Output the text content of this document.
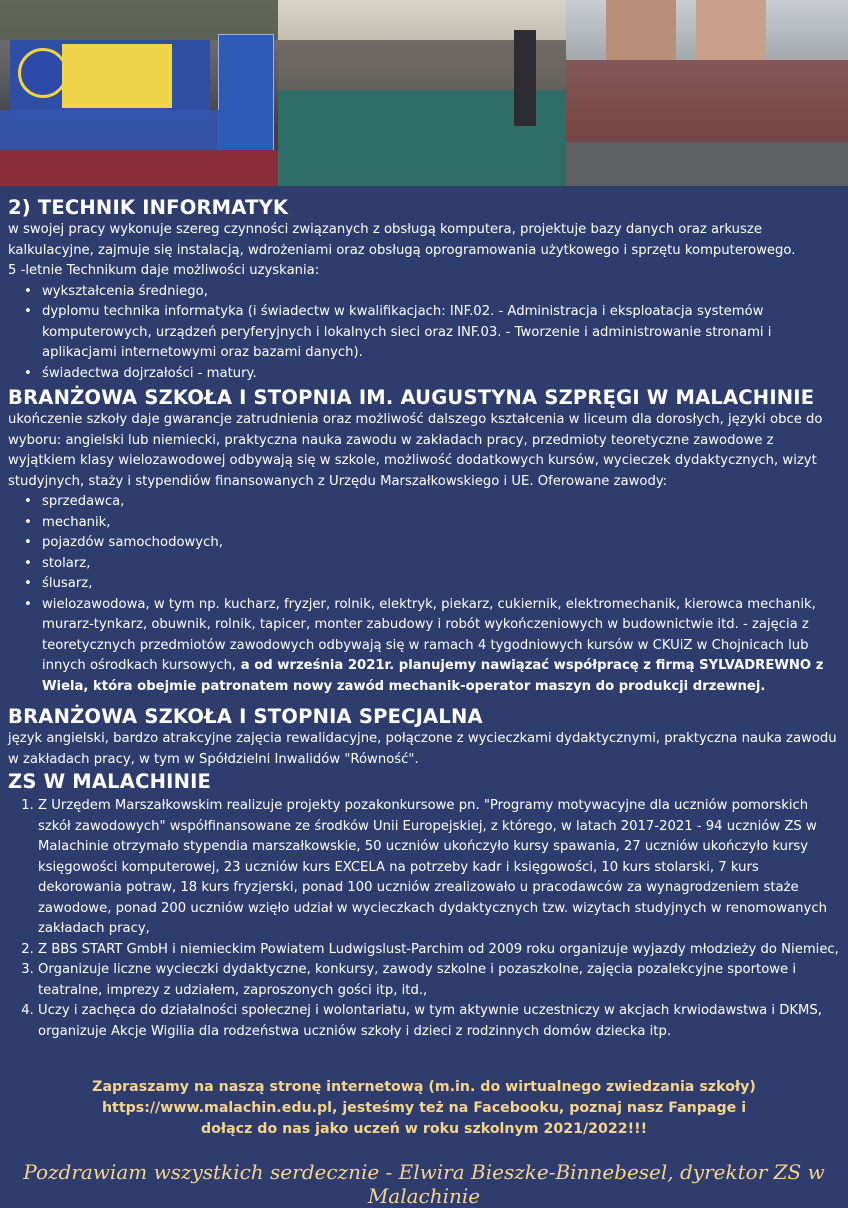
2) TECHNIK INFORMATYK

w swojej pracy wykonuje szereg czynności związanych z obsługą komputera, projektuje bazy danych oraz arkusze kalkulacyjne, zajmuje się instalacją, wdrożeniami oraz obsługą oprogramowania użytkowego i sprzętu komputerowego.

5 -letnie Technikum daje możliwości uzyskania:

• wykształcenia średniego,
• dyplomu technika informatyka (i świadectw w kwalifikacjach: INF.02. - Administracja i eksploatacja systemów komputerowych, urządzeń peryferyjnych i lokalnych sieci oraz INF.03. - Tworzenie i administrowanie stronami i aplikacjami internetowymi oraz bazami danych).
• świadectwa dojrzałości - matury.
BRANŻOWA SZKOŁA I STOPNIA IM. AUGUSTYNA SZPRĘGI W MALACHINIE

ukończenie szkoły daje gwarancje zatrudnienia oraz możliwość dalszego kształcenia w liceum dla dorosłych, języki obce do wyboru: angielski lub niemiecki, praktyczna nauka zawodu w zakładach pracy, przedmioty teoretyczne zawodowe z wyjątkiem klasy wielozawodowej odbywają się w szkole, możliwość dodatkowych kursów, wycieczek dydaktycznych, wizyt studyjnych, staży i stypendiów finansowanych z Urzędu Marszałkowskiego i UE. Oferowane zawody:

• sprzedawca,
• mechanik,
• pojazdów samochodowych,
• stolarz,
• ślusarz,
• wielozawodowa, w tym np. kucharz, fryzjer, rolnik, elektryk, piekarz, cukiernik, elektromechanik, kierowca mechanik, murarz-tynkarz, obuwnik, rolnik, tapicer, monter zabudowy i robót wykończeniowych w budownictwie itd. - zajęcia z teoretycznych przedmiotów zawodowych odbywają się w ramach 4 tygodniowych kursów w CKUiZ w Chojnicach lub innych ośrodkach kursowych, a od września 2021r. planujemy nawiązać współpracę z firmą SYLVADREWNO z Wiela, która obejmie patronatem nowy zawód mechanik-operator maszyn do produkcji drzewnej.
BRANŻOWA SZKOŁA I STOPNIA SPECJALNA

język angielski, bardzo atrakcyjne zajęcia rewalidacyjne, połączone z wycieczkami dydaktycznymi, praktyczna nauka zawodu w zakładach pracy, w tym w Spółdzielni Inwalidów "Równość".

ZS W MALACHINIE
1. Z Urzędem Marszałkowskim realizuje projekty pozakonkursowe pn. "Programy motywacyjne dla uczniów pomorskich szkół zawodowych" współfinansowane ze środków Unii Europejskiej, z którego, w latach 2017-2021 - 94 uczniów ZS w Malachinie otrzymało stypendia marszałkowskie, 50 uczniów ukończyło kursy spawania, 27 uczniów ukończyło kursy księgowości komputerowej, 23 uczniów kurs EXCELA na potrzeby kadr i księgowości, 10 kurs stolarski, 7 kurs dekorowania potraw, 18 kurs fryzjerski, ponad 100 uczniów zrealizowało u pracodawców za wynagrodzeniem staże zawodowe, ponad 200 uczniów wzięło udział w wycieczkach dydaktycznych tzw. wizytach studyjnych w renomowanych zakładach pracy,
2. Z BBS START GmbH i niemieckim Powiatem Ludwigslust-Parchim od 2009 roku organizuje wyjazdy młodzieży do Niemiec,
3. Organizuje liczne wycieczki dydaktyczne, konkursy, zawody szkolne i pozaszkolne, zajęcia pozalekcyjne sportowe i teatralne, imprezy z udziałem, zaproszonych gości itp, itd.,
4. Uczy i zachęca do działalności społecznej i wolontariatu, w tym aktywnie uczestniczy w akcjach krwiodawstwa i DKMS, organizuje Akcje Wigilia dla rodzeństwa uczniów szkoły i dzieci z rodzinnych domów dziecka itp.
Zapraszamy na naszą stronę internetową (m.in. do wirtualnego zwiedzania szkoły)
https://www.malachin.edu.pl, jesteśmy też na Facebooku, poznaj nasz Fanpage i
dołącz do nas jako uczeń w roku szkolnym 2021/2022!!!
Pozdrawiam wszystkich serdecznie - Elwira Bieszke-Binnebesel, dyrektor ZS w Malachinie
